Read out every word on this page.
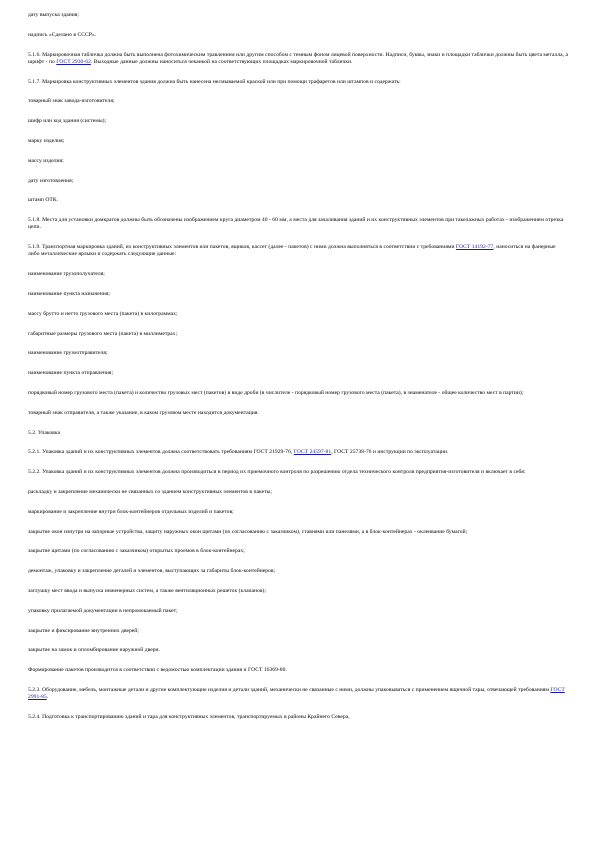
дату выпуска здания;

надпись «Сделано в СССР».

5.1.6. Маркировочная табличка должна быть выполнена фотохимическим травлением или другим способом с темным фоном лицевой поверхности. Надписи, буквы, знаки и площадки таблички должны быть цвета металла, а шрифт - по ГОСТ 2930-62. Выходные данные должны наноситься чеканкой на соответствующих площадках маркировочной таблички.

5.1.7. Маркировка конструктивных элементов здания должна быть нанесена несмываемой краской или при помощи трафаретов или штампов и содержать:

товарный знак завода-изготовителя;

шифр или код здания (системы);

марку изделия;

массу изделия;

дату изготовления;

штамп ОТК.

5.1.8. Места для установки домкратов должны быть обозначены изображением круга диаметром 40 - 60 мм, а места для зачаливания зданий и их конструктивных элементов при такелажных работах - изображением отрезка цепи.

5.1.9. Транспортная маркировка зданий, их конструктивных элементов или пакетов, ящиков, кассет (далее - пакетов) с ними должна выполняться в соответствии с требованиями ГОСТ 14192-77, наноситься на фанерные либо металлические ярлыки и содержать следующие данные:

наименование грузополучателя;

наименование пункта назначения;

массу брутто и нетто грузового места (пакета) в килограммах;

габаритные размеры грузового места (пакета) в миллиметрах;

наименование грузоотправителя;

наименование пункта отправления;

порядковый номер грузового места (пакета) и количество грузовых мест (пакетов) в виде дроби (в числителе - порядковый номер грузового места (пакета), в знаменателе - общее количество мест в партии);

товарный знак отправителя, а также указание, в каком грузовом месте находится документация.

5.2. Упаковка

5.2.1. Упаковка зданий и их конструктивных элементов должна соответствовать требованиям ГОСТ 21929-76, ГОСТ 24597-81, ГОСТ 25738-76 и инструкции по эксплуатации.

5.2.2. Упаковка зданий и их конструктивных элементов должна производиться в период их приемочного контроля по разрешению отдела технического контроля предприятия-изготовителя и включает в себя:

раскладку и закрепление механически не связанных со зданием конструктивных элементов в пакеты;

маркирование и закрепление внутри блок-контейнеров отдельных изделий и пакетов;

закрытие окон изнутри на запорные устройства, защиту наружных окон щитами (по согласованию с заказчиком), ставнями или панелями, а в блок-контейнерах - оклеивание бумагой;

закрытие щитами (по согласованию с заказчиком) открытых проемов в блок-контейнерах;

демонтаж, упаковку и закрепление деталей и элементов, выступающих за габариты блок-контейнеров;

заглушку мест ввода и выпуска инженерных систем, а также вентиляционных решеток (клапанов);

упаковку прилагаемой документации в непромокаемый пакет;

закрытие и фиксирование внутренних дверей;

закрытие на замок и опломбирование наружной двери.

Формирование пакетов производится в соответствии с ведомостью комплектации здания и ГОСТ 16369-80.

5.2.3. Оборудование, мебель, монтажные детали и другие комплектующие изделия и детали зданий, механически не связанные с ними, должны упаковываться с применением ящичной тары, отвечающей требованиям ГОСТ 2991-85.

5.2.4. Подготовка к транспортированию зданий и тара для конструктивных элементов, транспортируемых в районы Крайнего Севера,
